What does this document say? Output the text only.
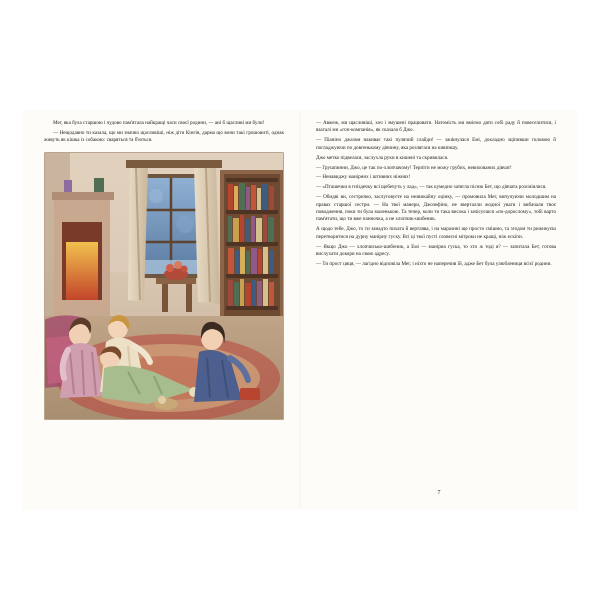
Мег, яка була старшою і чудово пам'ятала найкращі часи своєї родини, — ані б щасливі ми були!

— Нещодавно ти казала, що ми значно щасливіші, ніж діти Кінгів, дарма що вони такі грошовиті, однак живуть як кішка із собакою: сваряться та б'ються.

— Авжеж, ми щасливіші, хоч і змушені працювати. Натомість ми вміємо дати собі раду й повеселитися, і взагалі ми «гоп-компанія», як сказала б Джо.

— Піаніно джазом накиває такі пулячий слайди! — заukнулася Емі, докладно зціпивши головою й погладжуючи по довгенькому дівчину, яка розлягася на кивпишу.

Джо метко підвелася, заслухла руки в кишені та скривилася.

— Грушпинни, Джо, це так по-хлопчачому! Терпіти не можу грубих, невихованих дівчат!

— Ненавиджу манірних і штивних ніжнях!

— «Пташечки в гніздечку всі щебечуть у лад», — так кумедно затягла пісню Бет, що дівчата розсміялися.

— Обидві ви, сестричко, заслуговуєте на незвикайну оцінку, — промовила Мег, випучуючи молодшим на правах старшої сестри. — На твої манери, Джозефіно, не зверталли жодної уваги і вибачали твоє поводження, поки ти була маленькою. Та тепер, коли ти така висока і зачісуєшся «по-дорослому», тобі варто пам'ятати, що ти вже панночка, а не хлопчик-шибеник.

А щодо тебе, Джо, то ти занадто пихата й вертлява, і на маразині ще просто смішно, та згодом ти рижикуєш перетворитися на дурну манірну гуску. Всі ці твої пусті словесні мітроки не кращі, ніж ескіпи.

— Якщо Джо — хлопчисько-шибеник, а Емі — манірна гуска, то хто ж тоді я? — запитала Бет, готова вислухати докори на свою адресу.

— Ти прост цяця, — лагідно відповіла Мег, і ніхто не наперечив їй, адже Бет була улюблениця всієї родини.

7
